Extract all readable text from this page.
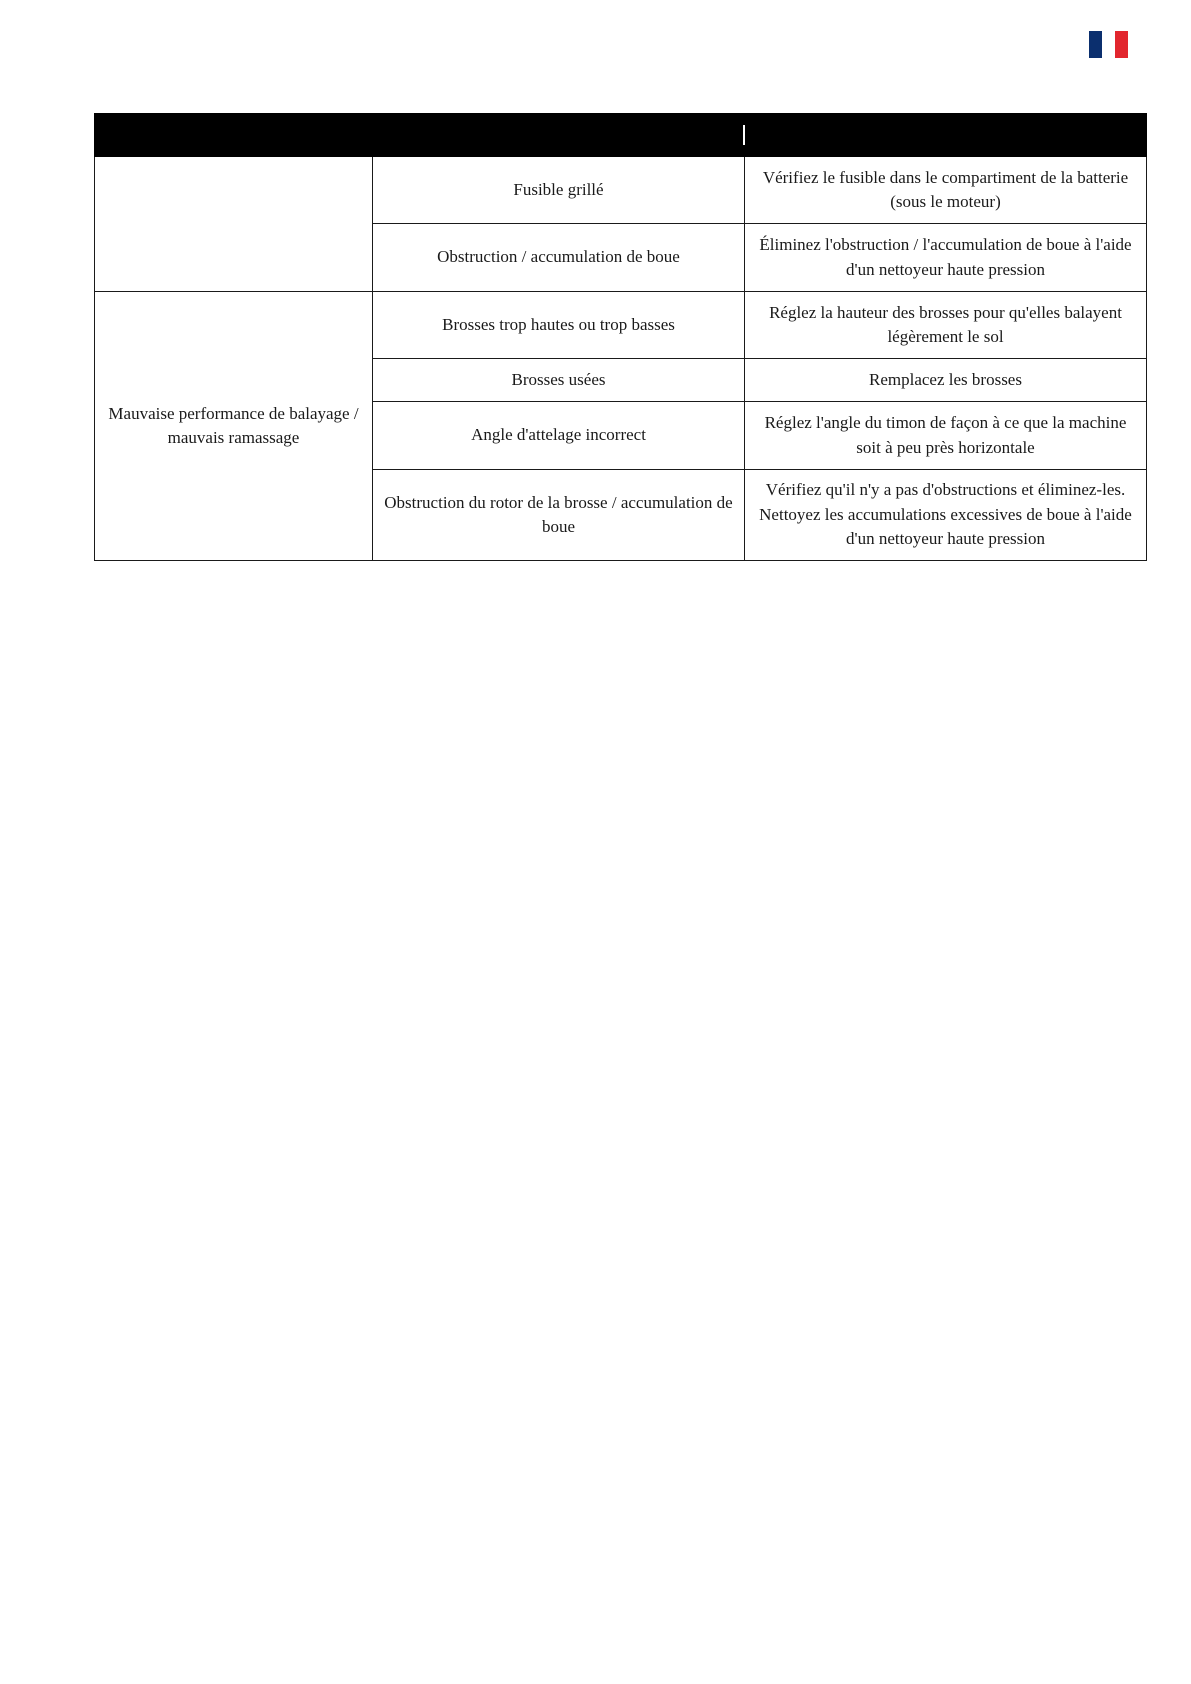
	Fusible grillé	Vérifiez le fusible dans le compartiment de la batterie (sous le moteur)
	Obstruction / accumulation de boue	Éliminez l'obstruction / l'accumulation de boue à l'aide d'un nettoyeur haute pression
Mauvaise performance de balayage / mauvais ramassage	Brosses trop hautes ou trop basses	Réglez la hauteur des brosses pour qu'elles balayent légèrement le sol
	Brosses usées	Remplacez les brosses
	Angle d'attelage incorrect	Réglez l'angle du timon de façon à ce que la machine soit à peu près horizontale
	Obstruction du rotor de la brosse / accumulation de boue	Vérifiez qu'il n'y a pas d'obstructions et éliminez-les. Nettoyez les accumulations excessives de boue à l'aide d'un nettoyeur haute pression
